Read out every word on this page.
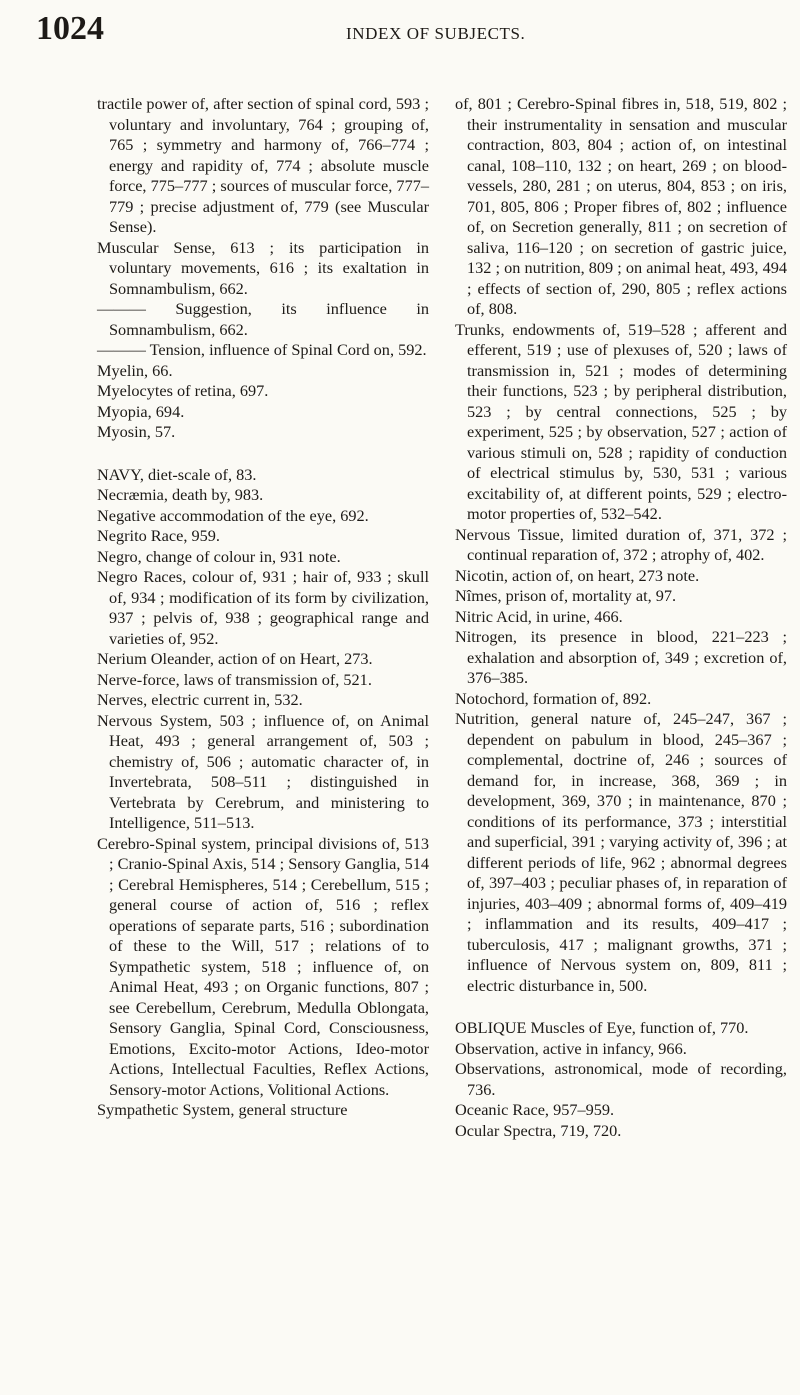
1024	INDEX OF SUBJECTS.

tractile power of, after section of spinal cord, 593 ; voluntary and involuntary, 764 ; grouping of, 765 ; symmetry and harmony of, 766–774 ; energy and rapidity of, 774 ; absolute muscle force, 775–777 ; sources of muscular force, 777–779 ; precise adjustment of, 779 (see Muscular Sense).

Muscular Sense, 613 ; its participation in voluntary movements, 616 ; its exaltation in Somnambulism, 662.

——— Suggestion, its influence in Somnambulism, 662.

——— Tension, influence of Spinal Cord on, 592.

Myelin, 66.

Myelocytes of retina, 697.

Myopia, 694.

Myosin, 57.

NAVY, diet-scale of, 83.

Necræmia, death by, 983.

Negative accommodation of the eye, 692.

Negrito Race, 959.

Negro, change of colour in, 931 note.

Negro Races, colour of, 931 ; hair of, 933 ; skull of, 934 ; modification of its form by civilization, 937 ; pelvis of, 938 ; geographical range and varieties of, 952.

Nerium Oleander, action of on Heart, 273.

Nerve-force, laws of transmission of, 521.

Nerves, electric current in, 532.

Nervous System, 503 ; influence of, on Animal Heat, 493 ; general arrangement of, 503 ; chemistry of, 506 ; automatic character of, in Invertebrata, 508–511 ; distinguished in Vertebrata by Cerebrum, and ministering to Intelligence, 511–513.

Cerebro-Spinal system, principal divisions of, 513 ; Cranio-Spinal Axis, 514 ; Sensory Ganglia, 514 ; Cerebral Hemispheres, 514 ; Cerebellum, 515 ; general course of action of, 516 ; reflex operations of separate parts, 516 ; subordination of these to the Will, 517 ; relations of to Sympathetic system, 518 ; influence of, on Animal Heat, 493 ; on Organic functions, 807 ; see Cerebellum, Cerebrum, Medulla Oblongata, Sensory Ganglia, Spinal Cord, Consciousness, Emotions, Excito-motor Actions, Ideo-motor Actions, Intellectual Faculties, Reflex Actions, Sensory-motor Actions, Volitional Actions.

Sympathetic System, general structure

of, 801 ; Cerebro-Spinal fibres in, 518, 519, 802 ; their instrumentality in sensation and muscular contraction, 803, 804 ; action of, on intestinal canal, 108–110, 132 ; on heart, 269 ; on blood-vessels, 280, 281 ; on uterus, 804, 853 ; on iris, 701, 805, 806 ; Proper fibres of, 802 ; influence of, on Secretion generally, 811 ; on secretion of saliva, 116–120 ; on secretion of gastric juice, 132 ; on nutrition, 809 ; on animal heat, 493, 494 ; effects of section of, 290, 805 ; reflex actions of, 808.

Trunks, endowments of, 519–528 ; afferent and efferent, 519 ; use of plexuses of, 520 ; laws of transmission in, 521 ; modes of determining their functions, 523 ; by peripheral distribution, 523 ; by central connections, 525 ; by experiment, 525 ; by observation, 527 ; action of various stimuli on, 528 ; rapidity of conduction of electrical stimulus by, 530, 531 ; various excitability of, at different points, 529 ; electro-motor properties of, 532–542.

Nervous Tissue, limited duration of, 371, 372 ; continual reparation of, 372 ; atrophy of, 402.

Nicotin, action of, on heart, 273 note.

Nîmes, prison of, mortality at, 97.

Nitric Acid, in urine, 466.

Nitrogen, its presence in blood, 221–223 ; exhalation and absorption of, 349 ; excretion of, 376–385.

Notochord, formation of, 892.

Nutrition, general nature of, 245–247, 367 ; dependent on pabulum in blood, 245–367 ; complemental, doctrine of, 246 ; sources of demand for, in increase, 368, 369 ; in development, 369, 370 ; in maintenance, 870 ; conditions of its performance, 373 ; interstitial and superficial, 391 ; varying activity of, 396 ; at different periods of life, 962 ; abnormal degrees of, 397–403 ; peculiar phases of, in reparation of injuries, 403–409 ; abnormal forms of, 409–419 ; inflammation and its results, 409–417 ; tuberculosis, 417 ; malignant growths, 371 ; influence of Nervous system on, 809, 811 ; electric disturbance in, 500.

OBLIQUE Muscles of Eye, function of, 770.

Observation, active in infancy, 966.

Observations, astronomical, mode of recording, 736.

Oceanic Race, 957–959.

Ocular Spectra, 719, 720.
